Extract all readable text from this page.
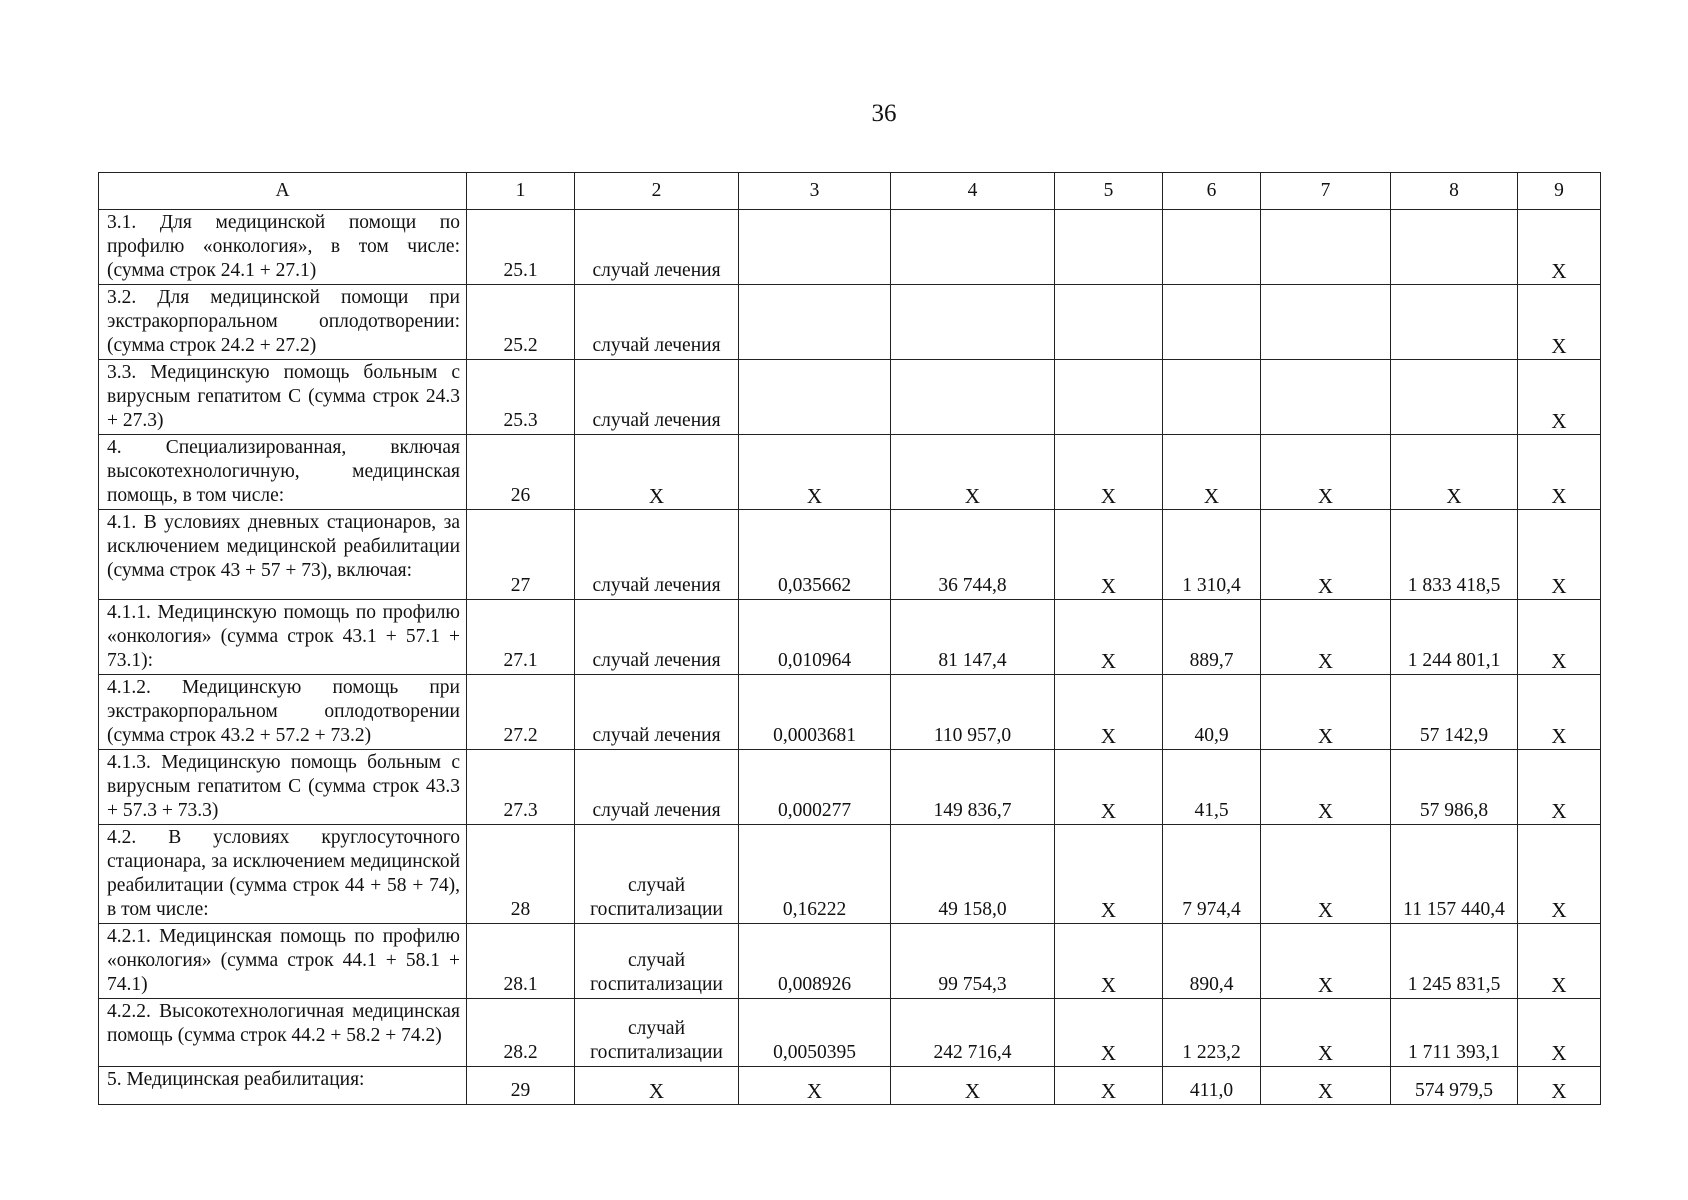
36
А	1	2	3	4	5	6	7	8	9
3.1. Для медицинской помощи по профилю «онкология», в том числе: (сумма строк 24.1 + 27.1)	25.1	случай лечения							X
3.2. Для медицинской помощи при экстракорпоральном оплодотворении: (сумма строк 24.2 + 27.2)	25.2	случай лечения							X
3.3. Медицинскую помощь больным с вирусным гепатитом С (сумма строк 24.3 + 27.3)	25.3	случай лечения							X
4. Специализированная, включая высокотехнологичную, медицинская помощь, в том числе:	26	X	X	X	X	X	X	X	X
4.1. В условиях дневных стационаров, за исключением медицинской реабилитации (сумма строк 43 + 57 + 73), включая:	27	случай лечения	0,035662	36 744,8	X	1 310,4	X	1 833 418,5	X
4.1.1. Медицинскую помощь по профилю «онкология» (сумма строк 43.1 + 57.1 + 73.1):	27.1	случай лечения	0,010964	81 147,4	X	889,7	X	1 244 801,1	X
4.1.2. Медицинскую помощь при экстракорпоральном оплодотворении (сумма строк 43.2 + 57.2 + 73.2)	27.2	случай лечения	0,0003681	110 957,0	X	40,9	X	57 142,9	X
4.1.3. Медицинскую помощь больным с вирусным гепатитом С (сумма строк 43.3 + 57.3 + 73.3)	27.3	случай лечения	0,000277	149 836,7	X	41,5	X	57 986,8	X
4.2. В условиях круглосуточного стационара, за исключением медицинской реабилитации (сумма строк 44 + 58 + 74), в том числе:	28	случай госпитализации	0,16222	49 158,0	X	7 974,4	X	11 157 440,4	X
4.2.1. Медицинская помощь по профилю «онкология» (сумма строк 44.1 + 58.1 + 74.1)	28.1	случай госпитализации	0,008926	99 754,3	X	890,4	X	1 245 831,5	X
4.2.2. Высокотехнологичная медицинская помощь (сумма строк 44.2 + 58.2 + 74.2)	28.2	случай госпитализации	0,0050395	242 716,4	X	1 223,2	X	1 711 393,1	X
5. Медицинская реабилитация:	29	X	X	X	X	411,0	X	574 979,5	X
